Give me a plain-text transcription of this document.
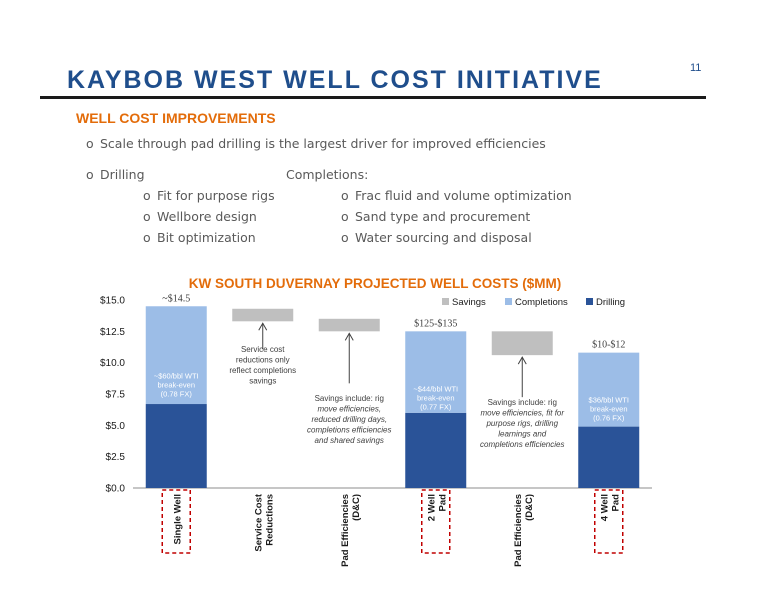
11
KAYBOB WEST WELL COST INITIATIVE
WELL COST IMPROVEMENTS
o Scale through pad drilling is the largest driver for improved efficiencies
o Drilling	Completions:
o Fit for purpose rigs
o Wellbore design
o Bit optimization
o Frac fluid and volume optimization
o Sand type and procurement
o Water sourcing and disposal
KW SOUTH DUVERNAY PROJECTED WELL COSTS ($MM)
$0.0
$2.5
$5.0
$7.5
$10.0
$12.5
$15.0	Savings	Completions	Drilling
~$14.5
~$60/bbl WTI
break-even
(0.78 FX)
Single Well	Service Cost Reductions	Pad Efficiencies (D&C)
$125-$135
~$44/bbl WTI
break-even
(0.77 FX)
2 Well Pad	Pad Efficiencies (D&C)
$10-$12
$36/bbl WTI
break-even
(0.76 FX)
4 Well Pad
Service cost
reductions only
reflect completions
savings
Savings include: rig
move efficiencies,
reduced drilling days,
completions efficiencies
and shared savings
Savings include: rig
move efficiencies, fit for
purpose rigs, drilling
learnings and
completions efficiencies
